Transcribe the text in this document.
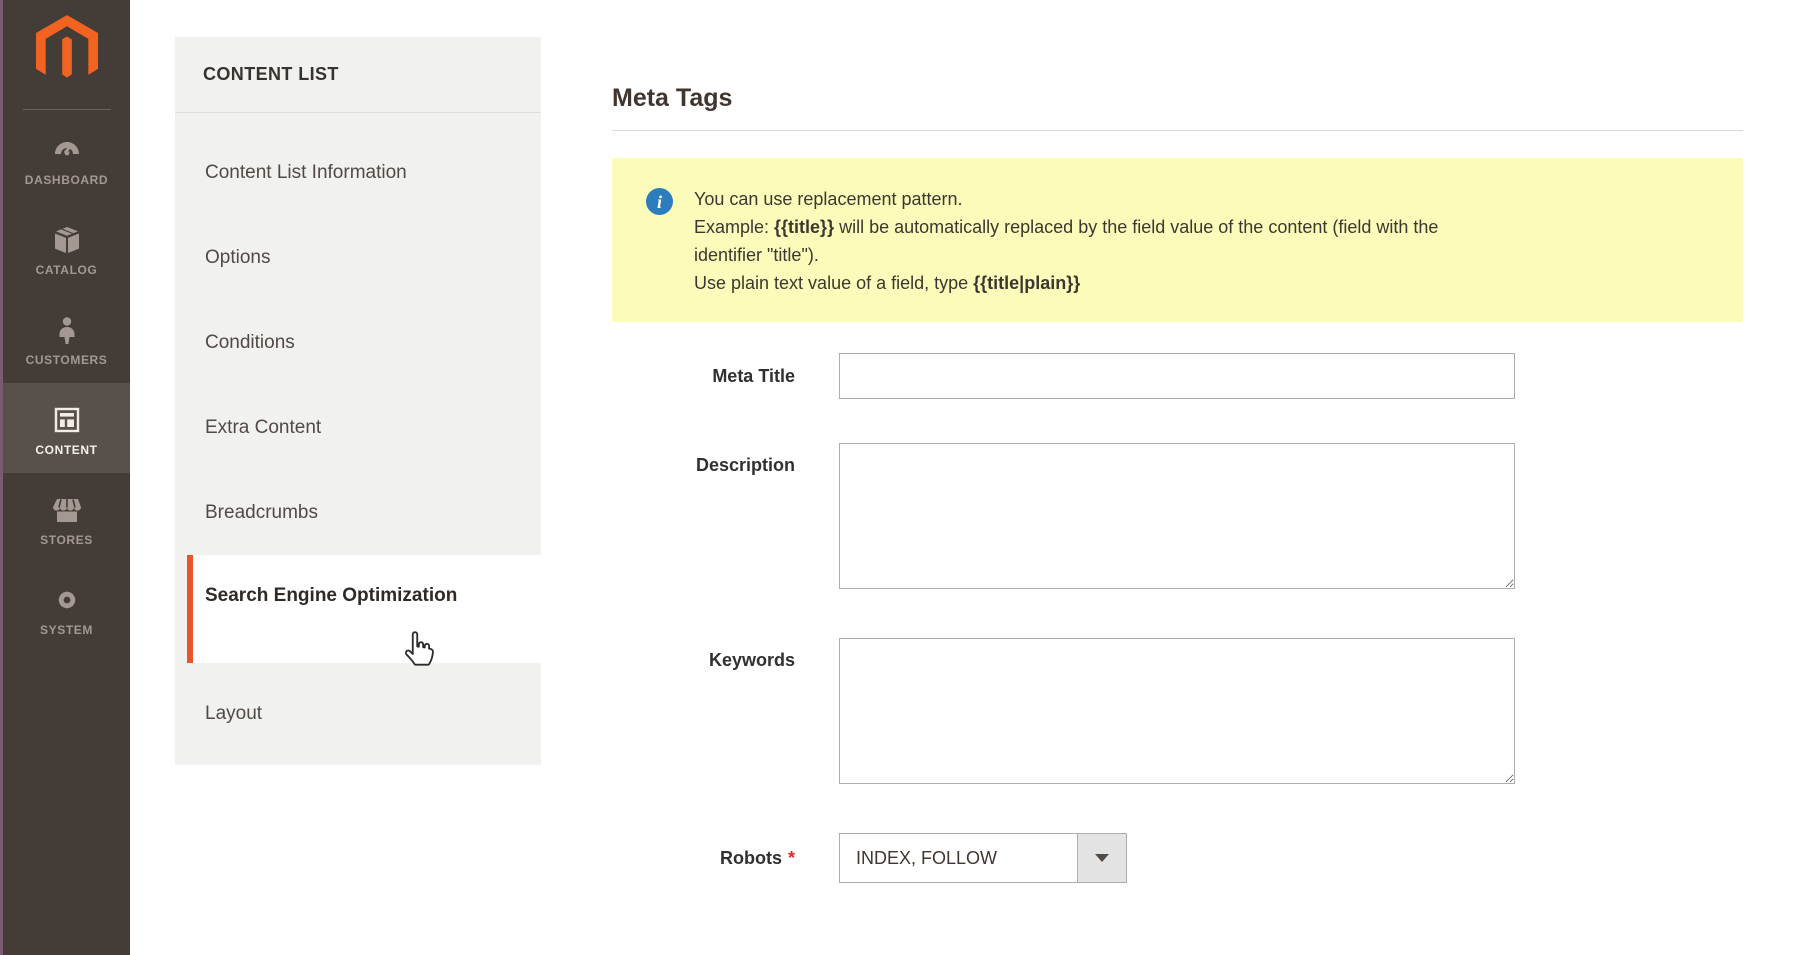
DASHBOARD
CATALOG
CUSTOMERS
CONTENT
STORES
SYSTEM
CONTENT LIST
Content List Information
Options
Conditions
Extra Content
Breadcrumbs
Search Engine Optimization
Layout
Meta Tags
i	You can use replacement pattern.
Example: {{title}} will be automatically replaced by the field value of the content (field with the
identifier "title").
Use plain text value of a field, type {{title|plain}}
Meta Title
Description
Keywords
Robots *	INDEX, FOLLOW
